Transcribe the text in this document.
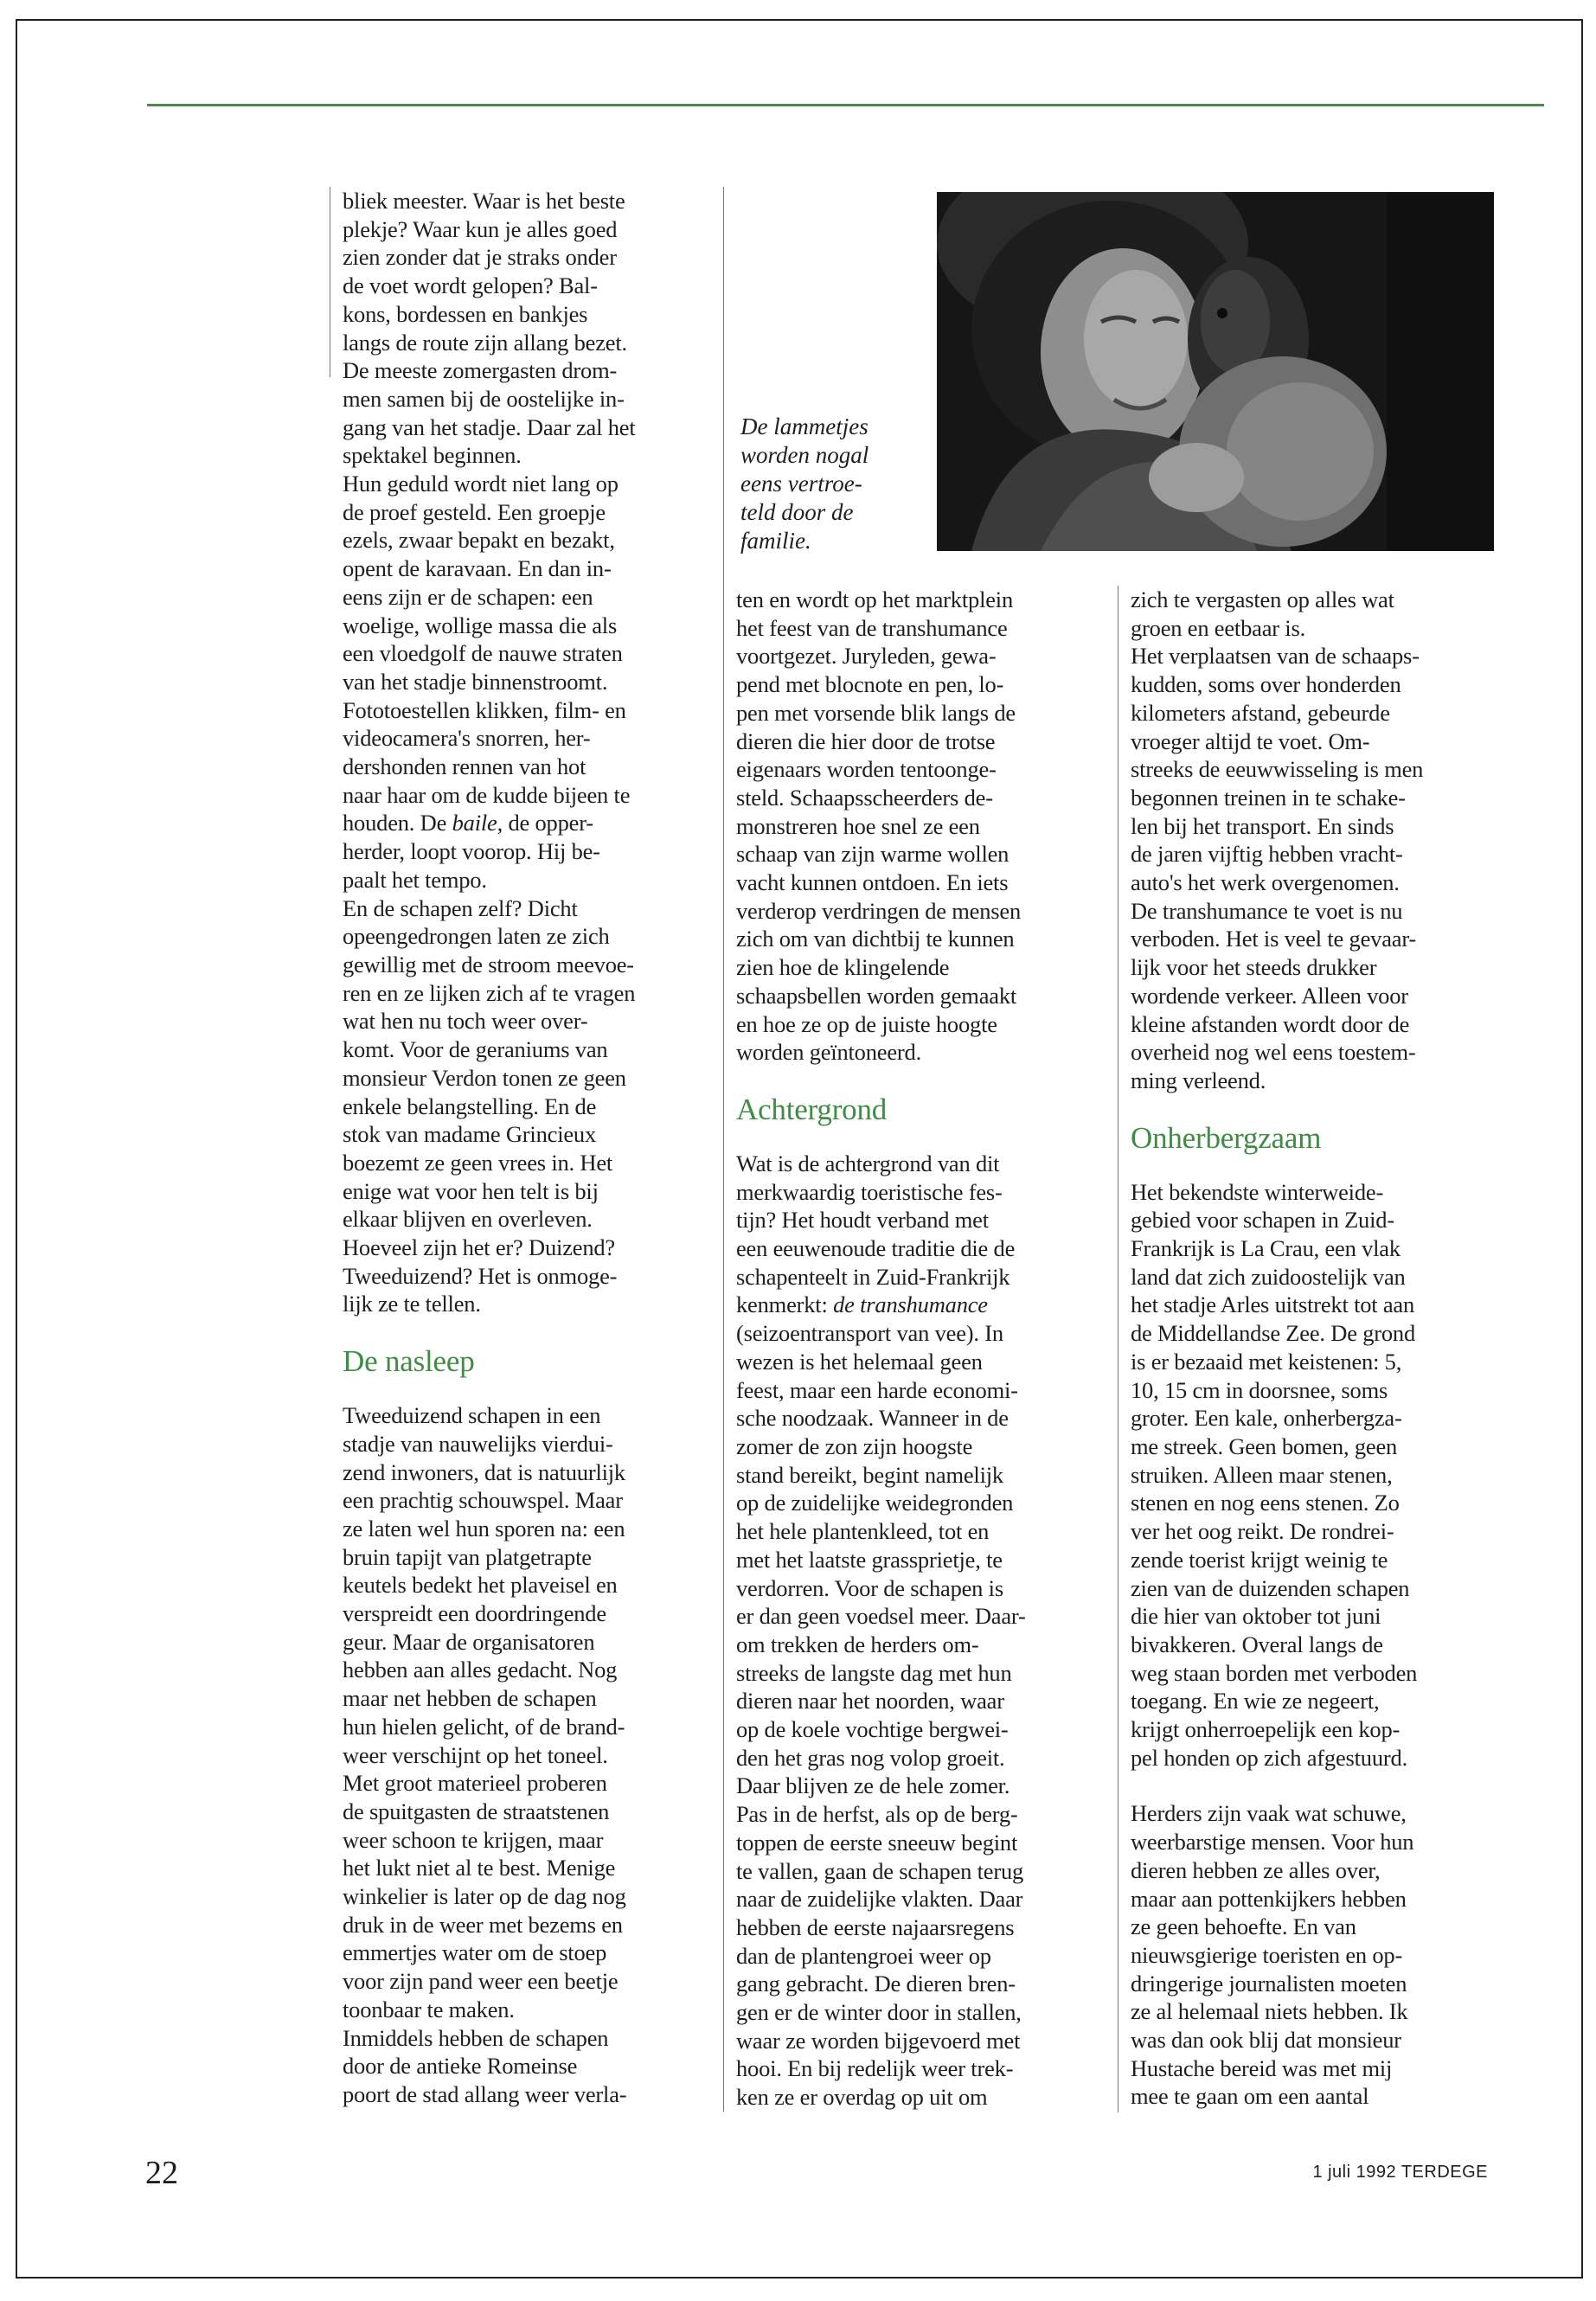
bliek meester. Waar is het beste
plekje? Waar kun je alles goed
zien zonder dat je straks onder
de voet wordt gelopen? Bal-
kons, bordessen en bankjes
langs de route zijn allang bezet.
De meeste zomergasten drom-
men samen bij de oostelijke in-
gang van het stadje. Daar zal het
spektakel beginnen.

Hun geduld wordt niet lang op
de proef gesteld. Een groepje
ezels, zwaar bepakt en bezakt,
opent de karavaan. En dan in-
eens zijn er de schapen: een
woelige, wollige massa die als
een vloedgolf de nauwe straten
van het stadje binnenstroomt.
Fototoestellen klikken, film- en
videocamera's snorren, her-
dershonden rennen van hot
naar haar om de kudde bijeen te
houden. De baile, de opper-
herder, loopt voorop. Hij be-
paalt het tempo.

En de schapen zelf? Dicht
opeengedrongen laten ze zich
gewillig met de stroom meevoe-
ren en ze lijken zich af te vragen
wat hen nu toch weer over-
komt. Voor de geraniums van
monsieur Verdon tonen ze geen
enkele belangstelling. En de
stok van madame Grincieux
boezemt ze geen vrees in. Het
enige wat voor hen telt is bij
elkaar blijven en overleven.
Hoeveel zijn het er? Duizend?
Tweeduizend? Het is onmoge-
lijk ze te tellen.

De nasleep

Tweeduizend schapen in een
stadje van nauwelijks vierdui-
zend inwoners, dat is natuurlijk
een prachtig schouwspel. Maar
ze laten wel hun sporen na: een
bruin tapijt van platgetrapte
keutels bedekt het plaveisel en
verspreidt een doordringende
geur. Maar de organisatoren
hebben aan alles gedacht. Nog
maar net hebben de schapen
hun hielen gelicht, of de brand-
weer verschijnt op het toneel.
Met groot materieel proberen
de spuitgasten de straatstenen
weer schoon te krijgen, maar
het lukt niet al te best. Menige
winkelier is later op de dag nog
druk in de weer met bezems en
emmertjes water om de stoep
voor zijn pand weer een beetje
toonbaar te maken.

Inmiddels hebben de schapen
door de antieke Romeinse
poort de stad allang weer verla-

De lammetjes
worden nogal
eens vertroe-
teld door de
familie.

ten en wordt op het marktplein
het feest van de transhumance
voortgezet. Juryleden, gewa-
pend met blocnote en pen, lo-
pen met vorsende blik langs de
dieren die hier door de trotse
eigenaars worden tentoonge-
steld. Schaapsscheerders de-
monstreren hoe snel ze een
schaap van zijn warme wollen
vacht kunnen ontdoen. En iets
verderop verdringen de mensen
zich om van dichtbij te kunnen
zien hoe de klingelende
schaapsbellen worden gemaakt
en hoe ze op de juiste hoogte
worden geïntoneerd.

Achtergrond

Wat is de achtergrond van dit
merkwaardig toeristische fes-
tijn? Het houdt verband met
een eeuwenoude traditie die de
schapenteelt in Zuid-Frankrijk
kenmerkt: de transhumance
(seizoentransport van vee). In
wezen is het helemaal geen
feest, maar een harde economi-
sche noodzaak. Wanneer in de
zomer de zon zijn hoogste
stand bereikt, begint namelijk
op de zuidelijke weidegronden
het hele plantenkleed, tot en
met het laatste grassprietje, te
verdorren. Voor de schapen is
er dan geen voedsel meer. Daar-
om trekken de herders om-
streeks de langste dag met hun
dieren naar het noorden, waar
op de koele vochtige bergwei-
den het gras nog volop groeit.
Daar blijven ze de hele zomer.
Pas in de herfst, als op de berg-
toppen de eerste sneeuw begint
te vallen, gaan de schapen terug
naar de zuidelijke vlakten. Daar
hebben de eerste najaarsregens
dan de plantengroei weer op
gang gebracht. De dieren bren-
gen er de winter door in stallen,
waar ze worden bijgevoerd met
hooi. En bij redelijk weer trek-
ken ze er overdag op uit om

zich te vergasten op alles wat
groen en eetbaar is.

Het verplaatsen van de schaaps-
kudden, soms over honderden
kilometers afstand, gebeurde
vroeger altijd te voet. Om-
streeks de eeuwwisseling is men
begonnen treinen in te schake-
len bij het transport. En sinds
de jaren vijftig hebben vracht-
auto's het werk overgenomen.
De transhumance te voet is nu
verboden. Het is veel te gevaar-
lijk voor het steeds drukker
wordende verkeer. Alleen voor
kleine afstanden wordt door de
overheid nog wel eens toestem-
ming verleend.

Onherbergzaam

Het bekendste winterweide-
gebied voor schapen in Zuid-
Frankrijk is La Crau, een vlak
land dat zich zuidoostelijk van
het stadje Arles uitstrekt tot aan
de Middellandse Zee. De grond
is er bezaaid met keistenen: 5,
10, 15 cm in doorsnee, soms
groter. Een kale, onherbergza-
me streek. Geen bomen, geen
struiken. Alleen maar stenen,
stenen en nog eens stenen. Zo
ver het oog reikt. De rondrei-
zende toerist krijgt weinig te
zien van de duizenden schapen
die hier van oktober tot juni
bivakkeren. Overal langs de
weg staan borden met verboden
toegang. En wie ze negeert,
krijgt onherroepelijk een kop-
pel honden op zich afgestuurd.

Herders zijn vaak wat schuwe,
weerbarstige mensen. Voor hun
dieren hebben ze alles over,
maar aan pottenkijkers hebben
ze geen behoefte. En van
nieuwsgierige toeristen en op-
dringerige journalisten moeten
ze al helemaal niets hebben. Ik
was dan ook blij dat monsieur
Hustache bereid was met mij
mee te gaan om een aantal

22	1 juli 1992 TERDEGE
